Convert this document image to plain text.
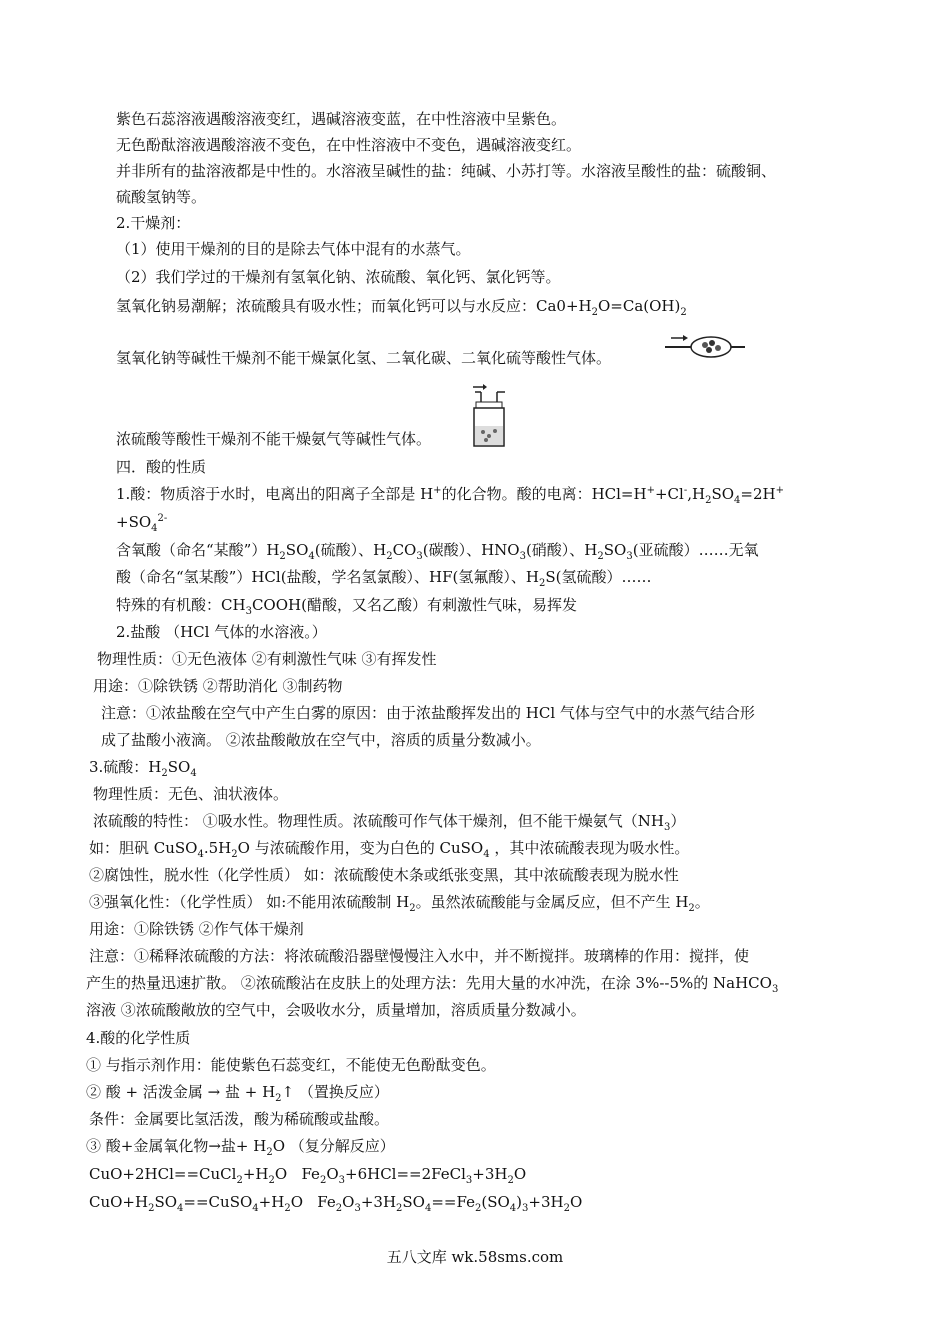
紫色石蕊溶液遇酸溶液变红，遇碱溶液变蓝，在中性溶液中呈紫色。
无色酚酞溶液遇酸溶液不变色，在中性溶液中不变色，遇碱溶液变红。
并非所有的盐溶液都是中性的。水溶液呈碱性的盐：纯碱、小苏打等。水溶液呈酸性的盐：硫酸铜、
硫酸氢钠等。
2.干燥剂：
（1）使用干燥剂的目的是除去气体中混有的水蒸气。
（2）我们学过的干燥剂有氢氧化钠、浓硫酸、氧化钙、氯化钙等。
氢氧化钠易潮解；浓硫酸具有吸水性；而氧化钙可以与水反应：$Ca0+H_2O=Ca(OH)_2$
氢氧化钠等碱性干燥剂不能干燥氯化氢、二氧化碳、二氧化硫等酸性气体。
浓硫酸等酸性干燥剂不能干燥氨气等碱性气体。
四．酸的性质
1.酸：物质溶于水时，电离出的阳离子全部是 H+的化合物。酸的电离：$HCl=H^++Cl^-,H_2SO_4=2H^+$
$+SO_4^{2-}$
含氧酸（命名“某酸$”)H_2SO_4$(硫酸）、$H_2CO_3$(碳酸）、$HNO_3$(硝酸）、$H_2SO_3$(亚硫酸）……无氧
酸（命名“氢某酸”）HCl(盐酸，学名氢氯酸）、HF(氢氟酸）、$H_2S$(氢硫酸）……
特殊的有机酸：$CH_3COOH$(醋酸，又名乙酸）有刺激性气味，易挥发
2.盐酸 （HCl 气体的水溶液。）
物理性质：①无色液体 ②有刺激性气味 ③有挥发性
用途：①除铁锈 ②帮助消化 ③制药物
注意：①浓盐酸在空气中产生白雾的原因：由于浓盐酸挥发出的 HCl 气体与空气中的水蒸气结合形
成了盐酸小液滴。 ②浓盐酸敞放在空气中，溶质的质量分数减小。
3.硫酸：$H_2SO_4$
物理性质：无色、油状液体。
浓硫酸的特性： ①吸水性。物理性质。浓硫酸可作气体干燥剂，但不能干燥氨气$(NH_3)$
如：胆矾 $CuSO_4.5H_2O$ 与浓硫酸作用，变为白色的 CuSO$_4$ ，其中浓硫酸表现为吸水性。
②腐蚀性，脱水性（化学性质） 如：浓硫酸使木条或纸张变黑，其中浓硫酸表现为脱水性
③强氧化性：（化学性质） 如:不能用浓硫酸制 $H_2$。虽然浓硫酸能与金属反应，但不产生 $H_2$。
用途：①除铁锈 ②作气体干燥剂
注意：①稀释浓硫酸的方法：将浓硫酸沿器壁慢慢注入水中，并不断搅拌。玻璃棒的作用：搅拌，使
产生的热量迅速扩散。 ②浓硫酸沾在皮肤上的处理方法：先用大量的水冲洗，在涂 3%--5%的 NaHCO$_3$
溶液 ③浓硫酸敞放的空气中，会吸收水分，质量增加，溶质质量分数减小。
4.酸的化学性质
① 与指示剂作用：能使紫色石蕊变红，不能使无色酚酞变色。
② 酸 + 活泼金属 → 盐 + $H_2↑$ （置换反应）
条件：金属要比氢活泼，酸为稀硫酸或盐酸。
③ 酸+金属氧化物→盐+ $H_2O$ （复分解反应）
$CuO+2HCl==CuCl_2+H_2O$   $Fe_2O_3+6HCl==2FeCl_3+3H_2O$
$CuO+H_2SO_4==CuSO_4+H_2O$   $Fe_2O_3+3H_2SO_4==Fe_2(SO_4)_3+3H_2O$
五八文库 wk.58sms.com
